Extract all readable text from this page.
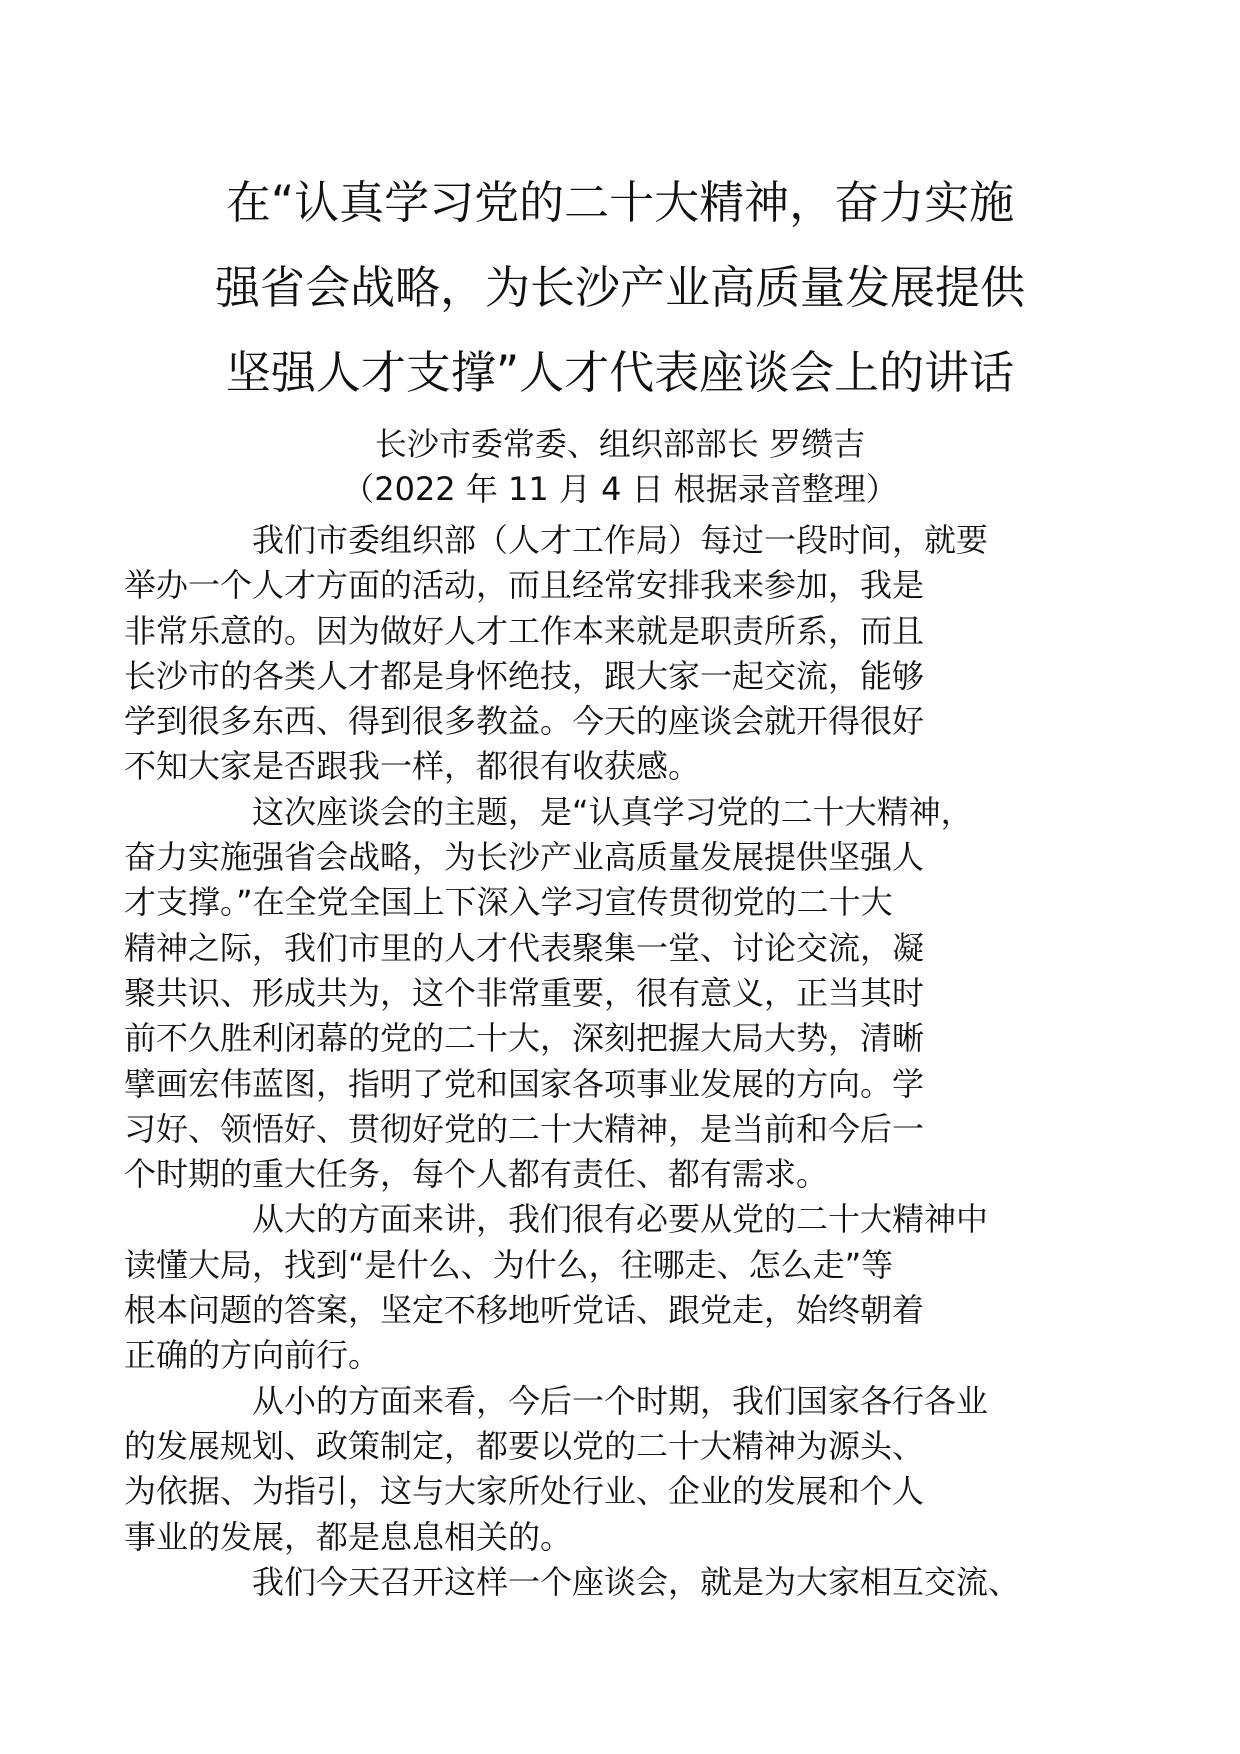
在“认真学习党的二十大精神，奋力实施
强省会战略，为长沙产业高质量发展提供
坚强人才支撑”人才代表座谈会上的讲话
长沙市委常委、组织部部长 罗缵吉
（2022 年 11 月 4 日 根据录音整理）

我们市委组织部（人才工作局）每过一段时间，就要
举办一个人才方面的活动，而且经常安排我来参加，我是
非常乐意的。因为做好人才工作本来就是职责所系，而且
长沙市的各类人才都是身怀绝技，跟大家一起交流，能够
学到很多东西、得到很多教益。今天的座谈会就开得很好
不知大家是否跟我一样，都很有收获感。

这次座谈会的主题，是“认真学习党的二十大精神，
奋力实施强省会战略，为长沙产业高质量发展提供坚强人
才支撑。”在全党全国上下深入学习宣传贯彻党的二十大
精神之际，我们市里的人才代表聚集一堂、讨论交流，凝
聚共识、形成共为，这个非常重要，很有意义，正当其时
前不久胜利闭幕的党的二十大，深刻把握大局大势，清晰
擘画宏伟蓝图，指明了党和国家各项事业发展的方向。学
习好、领悟好、贯彻好党的二十大精神，是当前和今后一
个时期的重大任务，每个人都有责任、都有需求。

从大的方面来讲，我们很有必要从党的二十大精神中
读懂大局，找到“是什么、为什么，往哪走、怎么走”等
根本问题的答案，坚定不移地听党话、跟党走，始终朝着
正确的方向前行。

从小的方面来看，今后一个时期，我们国家各行各业
的发展规划、政策制定，都要以党的二十大精神为源头、
为依据、为指引，这与大家所处行业、企业的发展和个人
事业的发展，都是息息相关的。

我们今天召开这样一个座谈会，就是为大家相互交流、
